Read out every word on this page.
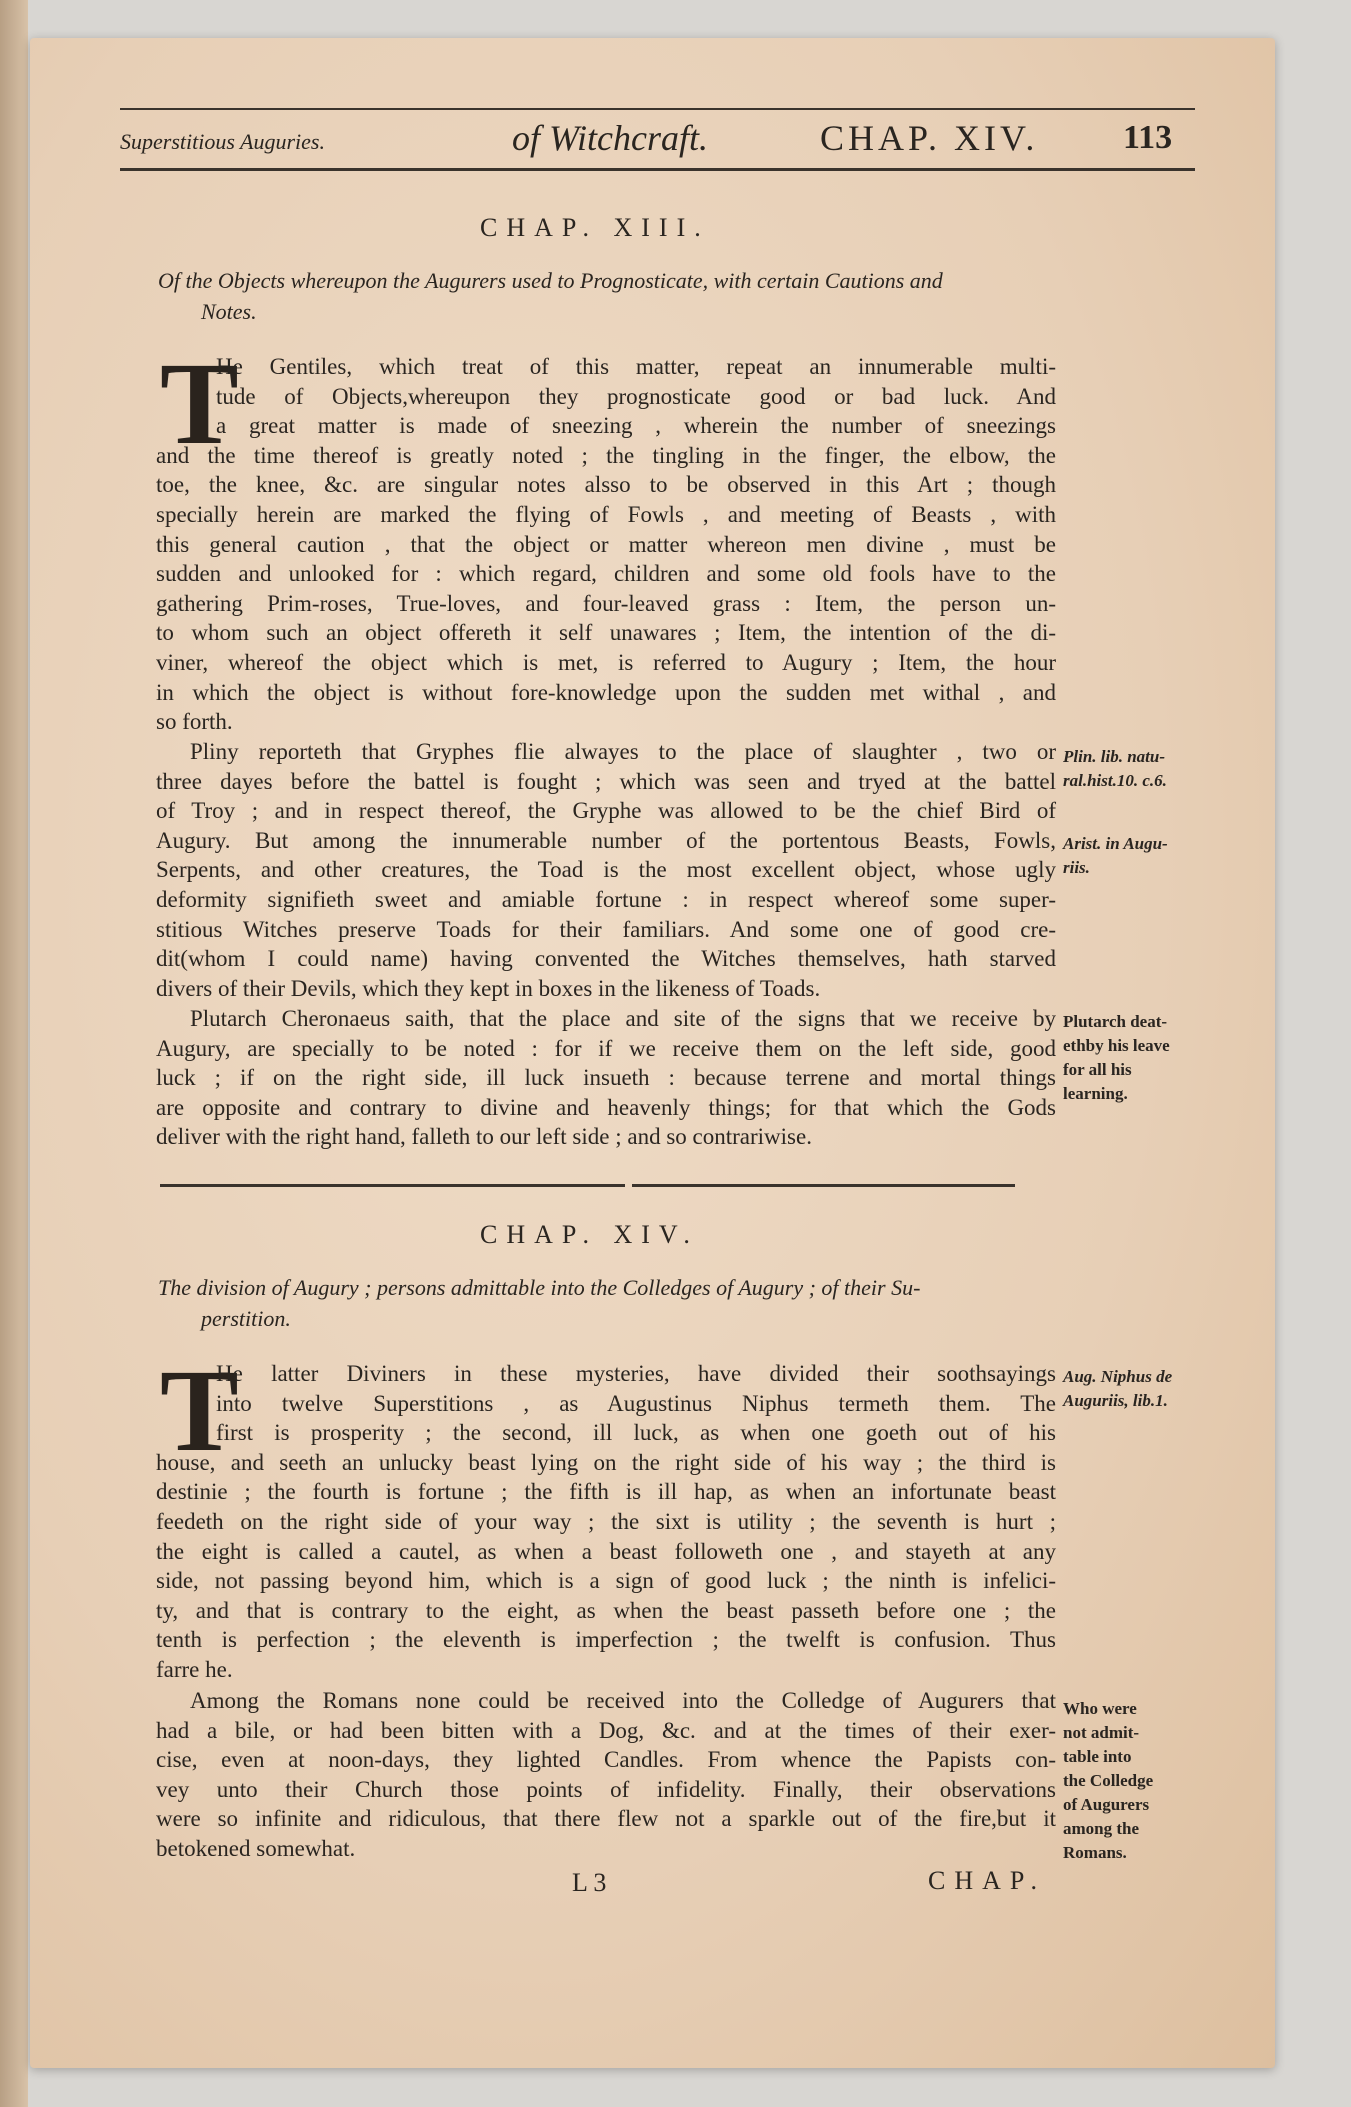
Superstitious Auguries.	of Witchcraft.	CHAP. XIV. 113
CHAP. XIII.
Of the Objects whereupon the Augurers used to Prognosticate, with certain Cautions and
Notes.
T
He Gentiles, which treat of this matter, repeat an innumerable multi-
tude of Objects,whereupon they prognosticate good or bad luck. And
a great matter is made of sneezing , wherein the number of sneezings
and the time thereof is greatly noted ; the tingling in the finger, the elbow, the
toe, the knee, &c. are singular notes alsso to be observed in this Art ; though
specially herein are marked the flying of Fowls , and meeting of Beasts , with
this general caution , that the object or matter whereon men divine , must be
sudden and unlooked for : which regard, children and some old fools have to the
gathering Prim-roses, True-loves, and four-leaved grass : Item, the person un-
to whom such an object offereth it self unawares ; Item, the intention of the di-
viner, whereof the object which is met, is referred to Augury ; Item, the hour
in which the object is without fore-knowledge upon the sudden met withal , and
so forth.
Pliny reporteth that Gryphes flie alwayes to the place of slaughter , two or
three dayes before the battel is fought ; which was seen and tryed at the battel
of Troy ; and in respect thereof, the Gryphe was allowed to be the chief Bird of
Augury. But among the innumerable number of the portentous Beasts, Fowls,
Serpents, and other creatures, the Toad is the most excellent object, whose ugly
deformity signifieth sweet and amiable fortune : in respect whereof some super-
stitious Witches preserve Toads for their familiars. And some one of good cre-
dit(whom I could name) having convented the Witches themselves, hath starved
divers of their Devils, which they kept in boxes in the likeness of Toads.
Plutarch Cheronaeus saith, that the place and site of the signs that we receive by
Augury, are specially to be noted : for if we receive them on the left side, good
luck ; if on the right side, ill luck insueth : because terrene and mortal things
are opposite and contrary to divine and heavenly things; for that which the Gods
deliver with the right hand, falleth to our left side ; and so contrariwise.
Plin. lib. natu-
ral.hist.10. c.6.
Arist. in Augu-
riis.
Plutarch deat-
ethby his leave
for all his
learning.
CHAP. XIV.
The division of Augury ; persons admittable into the Colledges of Augury ; of their Su-
perstition.
T
He latter Diviners in these mysteries, have divided their soothsayings
into twelve Superstitions , as Augustinus Niphus termeth them. The
first is prosperity ; the second, ill luck, as when one goeth out of his
house, and seeth an unlucky beast lying on the right side of his way ; the third is
destinie ; the fourth is fortune ; the fifth is ill hap, as when an infortunate beast
feedeth on the right side of your way ; the sixt is utility ; the seventh is hurt ;
the eight is called a cautel, as when a beast followeth one , and stayeth at any
side, not passing beyond him, which is a sign of good luck ; the ninth is infelici-
ty, and that is contrary to the eight, as when the beast passeth before one ; the
tenth is perfection ; the eleventh is imperfection ; the twelft is confusion. Thus
farre he.
Among the Romans none could be received into the Colledge of Augurers that
had a bile, or had been bitten with a Dog, &c. and at the times of their exer-
cise, even at noon-days, they lighted Candles. From whence the Papists con-
vey unto their Church those points of infidelity. Finally, their observations
were so infinite and ridiculous, that there flew not a sparkle out of the fire,but it
betokened somewhat.
Aug. Niphus de
Auguriis, lib.1.
Who were
not admit-
table into
the Colledge
of Augurers
among the
Romans.
L 3	CHAP.
